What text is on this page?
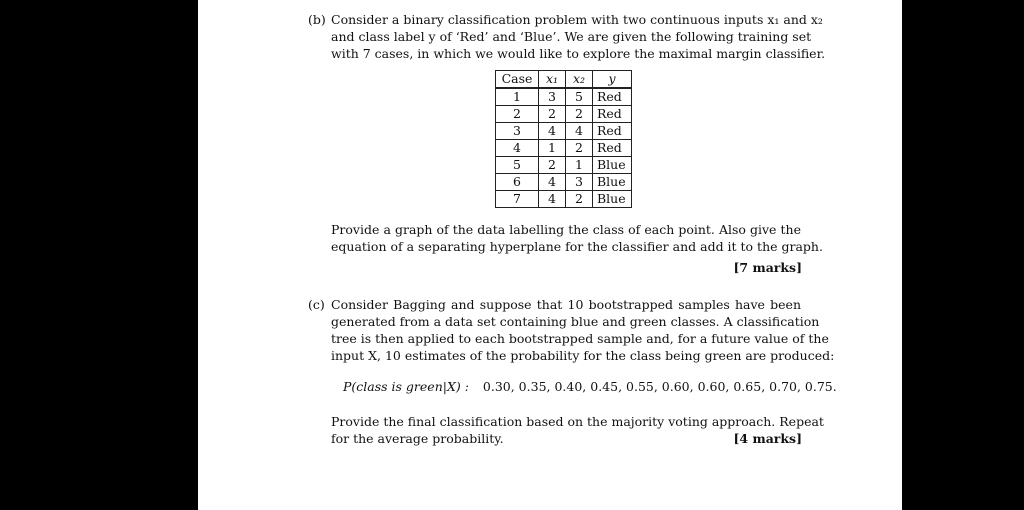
(b) Consider a binary classification problem with two continuous inputs x₁ and x₂
and class label y of ‘Red’ and ‘Blue’. We are given the following training set
with 7 cases, in which we would like to explore the maximal margin classifier.
Case	x₁	x₂	y
1	3	5	Red
2	2	2	Red
3	4	4	Red
4	1	2	Red
5	2	1	Blue
6	4	3	Blue
7	4	2	Blue
Provide a graph of the data labelling the class of each point. Also give the
equation of a separating hyperplane for the classifier and add it to the graph.
[7 marks]
(c) Consider Bagging and suppose that 10 bootstrapped samples have been
generated from a data set containing blue and green classes. A classification
tree is then applied to each bootstrapped sample and, for a future value of the
input X, 10 estimates of the probability for the class being green are produced:
P(class is green|X) : 0.30, 0.35, 0.40, 0.45, 0.55, 0.60, 0.60, 0.65, 0.70, 0.75.
Provide the final classification based on the majority voting approach. Repeat
for the average probability.	[4 marks]
